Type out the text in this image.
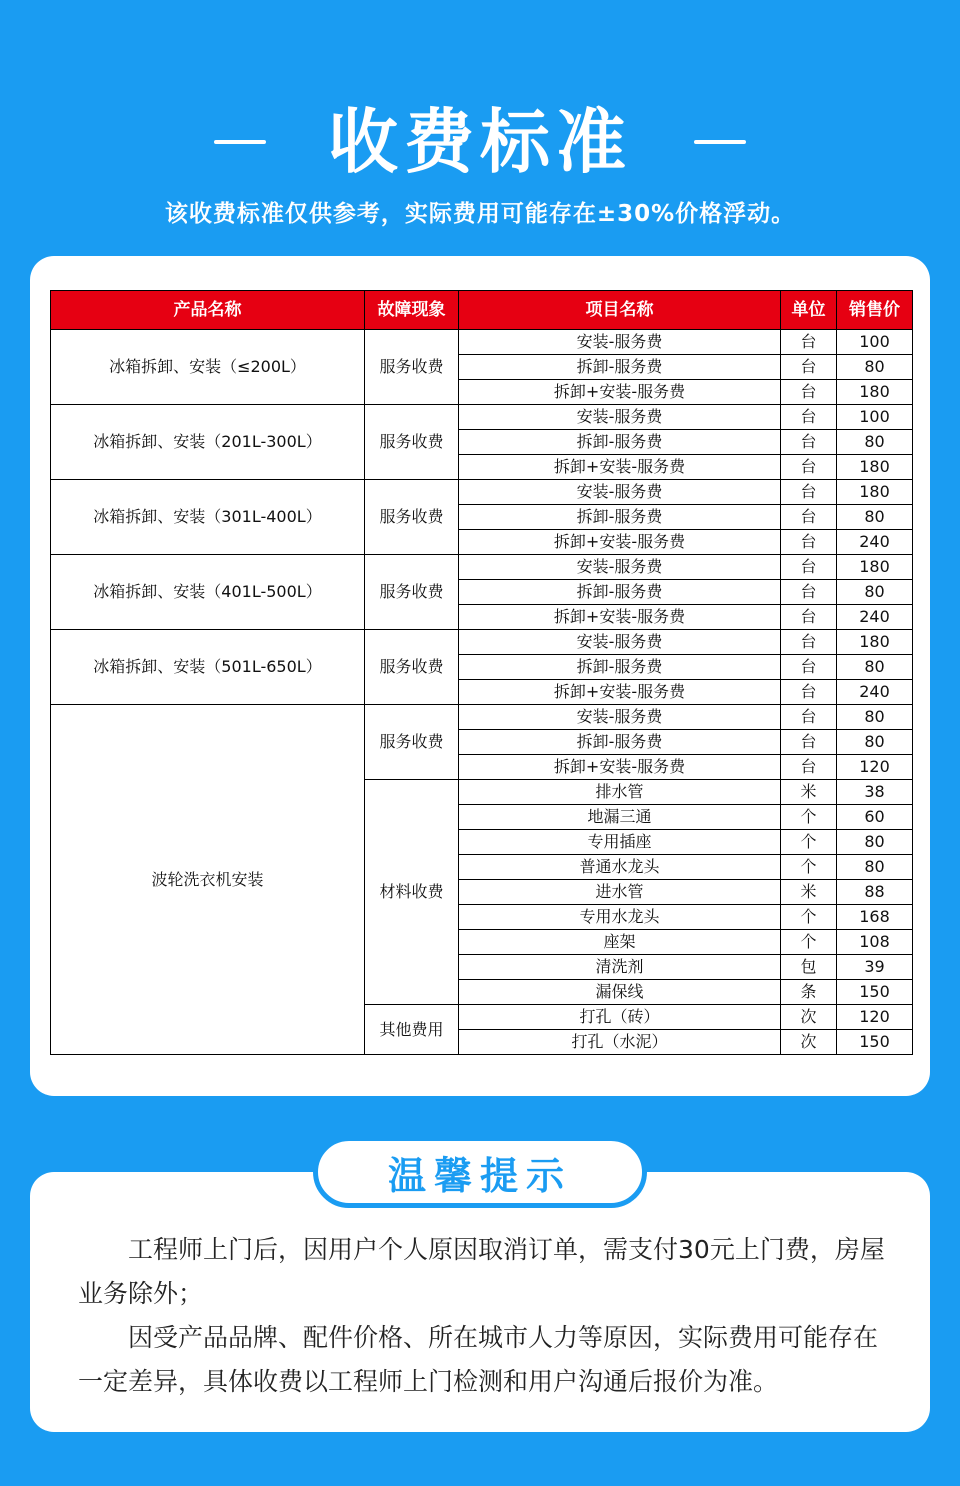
收费标准
该收费标准仅供参考，实际费用可能存在±30%价格浮动。
产品名称	故障现象	项目名称	单位	销售价
冰箱拆卸、安装（≤200L）	服务收费	安装-服务费	台	100
		拆卸-服务费	台	80
		拆卸+安装-服务费	台	180
冰箱拆卸、安装（201L-300L）	服务收费	安装-服务费	台	100
		拆卸-服务费	台	80
		拆卸+安装-服务费	台	180
冰箱拆卸、安装（301L-400L）	服务收费	安装-服务费	台	180
		拆卸-服务费	台	80
		拆卸+安装-服务费	台	240
冰箱拆卸、安装（401L-500L）	服务收费	安装-服务费	台	180
		拆卸-服务费	台	80
		拆卸+安装-服务费	台	240
冰箱拆卸、安装（501L-650L）	服务收费	安装-服务费	台	180
		拆卸-服务费	台	80
		拆卸+安装-服务费	台	240
波轮洗衣机安装	服务收费	安装-服务费	台	80
		拆卸-服务费	台	80
		拆卸+安装-服务费	台	120
	材料收费	排水管	米	38
		地漏三通	个	60
		专用插座	个	80
		普通水龙头	个	80
		进水管	米	88
		专用水龙头	个	168
		座架	个	108
		清洗剂	包	39
		漏保线	条	150
	其他费用	打孔（砖）	次	120
		打孔（水泥）	次	150
温馨提示

工程师上门后，因用户个人原因取消订单，需支付30元上门费，房屋业务除外；

因受产品品牌、配件价格、所在城市人力等原因，实际费用可能存在一定差异，具体收费以工程师上门检测和用户沟通后报价为准。
